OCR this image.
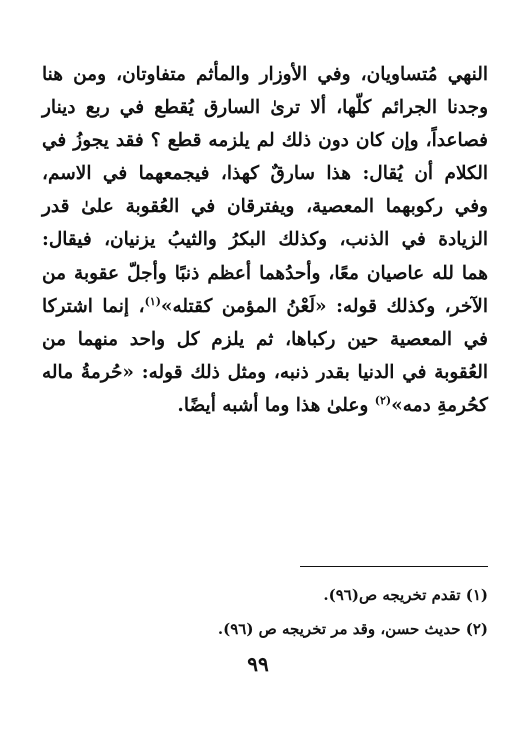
النهي مُتساويان، وفي الأوزار والمأثم متفاوتان، ومن هنا
وجدنا الجرائم كلّها، ألا ترىٰ السارق يُقطع في ربع دينار
فصاعداً، وإن كان دون ذلك لم يلزمه قطع ؟ فقد يجوزُ في
الكلام أن يُقال: هذا سارقٌ كهذا، فيجمعهما في الاسم،
وفي ركوبهما المعصية، ويفترقان في العُقوبة علىٰ قدر
الزيادة في الذنب، وكذلك البكرُ والثيبُ يزنيان، فيقال:
هما لله عاصيان معًا، وأحدُهما أعظم ذنبًا وأجلّ عقوبة من
الآخر، وكذلك قوله: «لَعْنُ المؤمن كقتله»$^{(١)}$، إنما اشتركا
في المعصية حين ركباها، ثم يلزم كل واحد منهما من
العُقوبة في الدنيا بقدر ذنبه، ومثل ذلك قوله: «حُرمةُ ماله
كحُرمةِ دمه»$^{(٢)}$ وعلىٰ هذا وما أشبه أيضًا.
(١) تقدم تخريجه ص(٩٦).
(٢) حديث حسن، وقد مر تخريجه ص (٩٦).
٩٩
